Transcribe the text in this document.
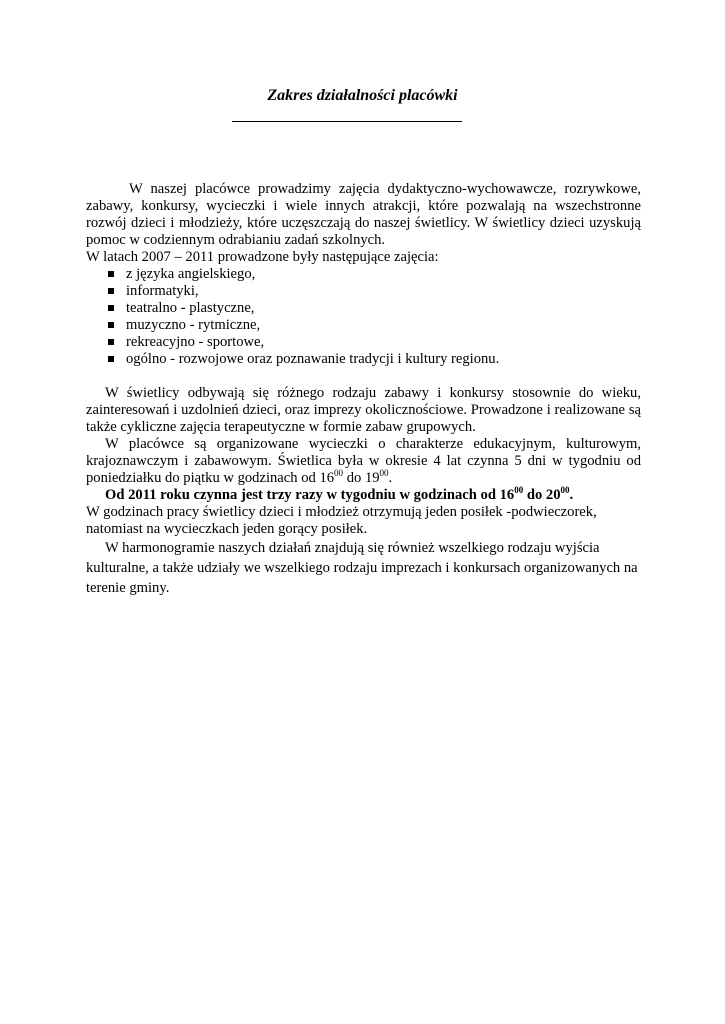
Zakres działalności placówki

W naszej placówce prowadzimy zajęcia dydaktyczno-wychowawcze, rozrywkowe, zabawy, konkursy, wycieczki i wiele innych atrakcji, które pozwalają na wszechstronne rozwój dzieci i młodzieży, które uczęszczają do naszej świetlicy. W świetlicy dzieci uzyskują pomoc w codziennym odrabianiu zadań szkolnych.

W latach 2007 – 2011 prowadzone były następujące zajęcia:

z języka angielskiego,
informatyki,
teatralno - plastyczne,
muzyczno - rytmiczne,
rekreacyjno - sportowe,
ogólno - rozwojowe oraz poznawanie tradycji i kultury regionu.

W świetlicy odbywają się różnego rodzaju zabawy i konkursy stosownie do wieku, zainteresowań i uzdolnień dzieci, oraz imprezy okolicznościowe. Prowadzone i realizowane są także cykliczne zajęcia terapeutyczne w formie zabaw grupowych.

W placówce są organizowane wycieczki o charakterze edukacyjnym, kulturowym, krajoznawczym i zabawowym. Świetlica była w okresie 4 lat czynna 5 dni w tygodniu od poniedziałku do piątku w godzinach od $16^{00}$ do $19^{00}$.

Od 2011 roku czynna jest trzy razy w tygodniu w godzinach od $16^{00}$ do $20^{00}$.

W godzinach pracy świetlicy dzieci i młodzież otrzymują jeden posiłek -podwieczorek, natomiast na wycieczkach jeden gorący posiłek.

W harmonogramie naszych działań znajdują się również wszelkiego rodzaju wyjścia kulturalne, a także udziały we wszelkiego rodzaju imprezach i konkursach organizowanych na terenie gminy.
